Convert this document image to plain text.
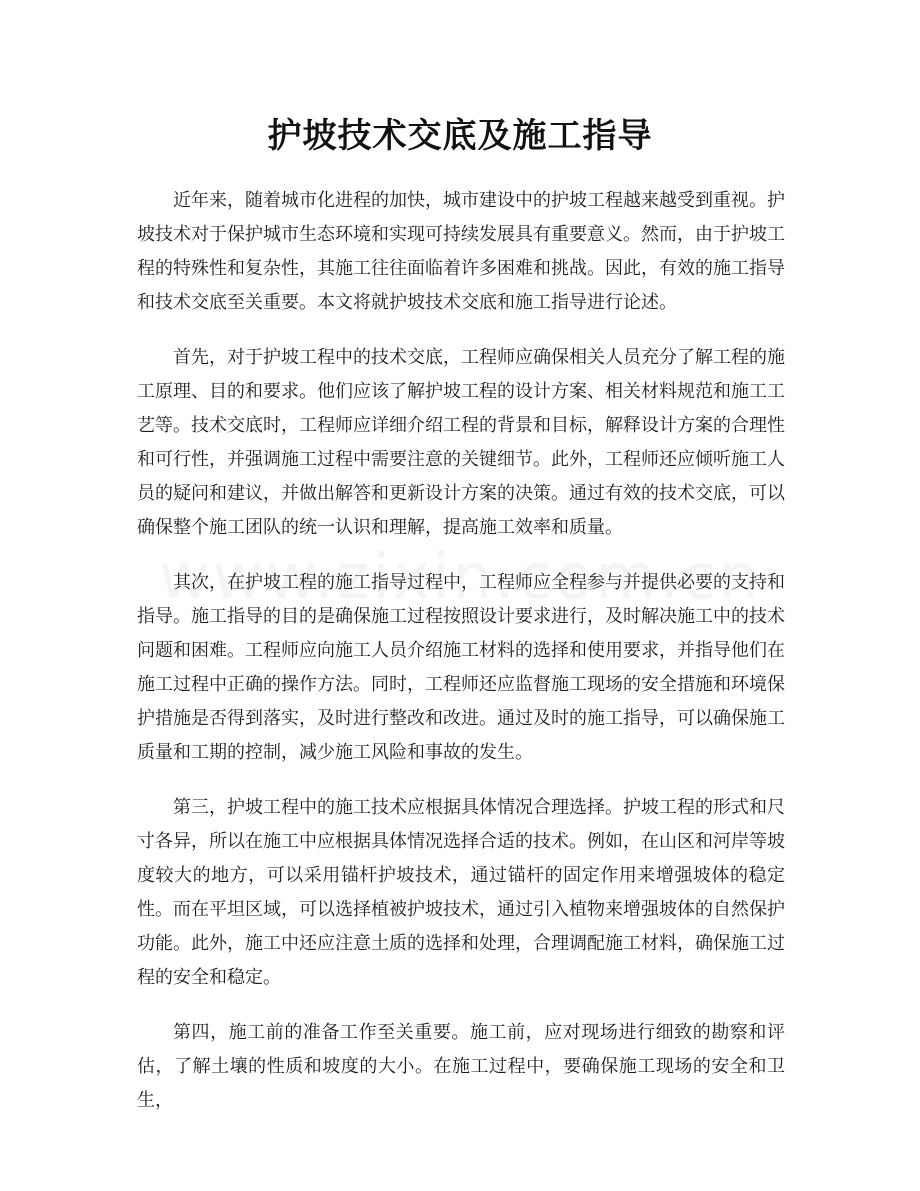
护坡技术交底及施工指导

近年来，随着城市化进程的加快，城市建设中的护坡工程越来越受到重视。护坡技术对于保护城市生态环境和实现可持续发展具有重要意义。然而，由于护坡工程的特殊性和复杂性，其施工往往面临着许多困难和挑战。因此，有效的施工指导和技术交底至关重要。本文将就护坡技术交底和施工指导进行论述。

首先，对于护坡工程中的技术交底，工程师应确保相关人员充分了解工程的施工原理、目的和要求。他们应该了解护坡工程的设计方案、相关材料规范和施工工艺等。技术交底时，工程师应详细介绍工程的背景和目标，解释设计方案的合理性和可行性，并强调施工过程中需要注意的关键细节。此外，工程师还应倾听施工人员的疑问和建议，并做出解答和更新设计方案的决策。通过有效的技术交底，可以确保整个施工团队的统一认识和理解，提高施工效率和质量。

其次，在护坡工程的施工指导过程中，工程师应全程参与并提供必要的支持和指导。施工指导的目的是确保施工过程按照设计要求进行，及时解决施工中的技术问题和困难。工程师应向施工人员介绍施工材料的选择和使用要求，并指导他们在施工过程中正确的操作方法。同时，工程师还应监督施工现场的安全措施和环境保护措施是否得到落实，及时进行整改和改进。通过及时的施工指导，可以确保施工质量和工期的控制，减少施工风险和事故的发生。

第三，护坡工程中的施工技术应根据具体情况合理选择。护坡工程的形式和尺寸各异，所以在施工中应根据具体情况选择合适的技术。例如，在山区和河岸等坡度较大的地方，可以采用锚杆护坡技术，通过锚杆的固定作用来增强坡体的稳定性。而在平坦区域，可以选择植被护坡技术，通过引入植物来增强坡体的自然保护功能。此外，施工中还应注意土质的选择和处理，合理调配施工材料，确保施工过程的安全和稳定。

第四，施工前的准备工作至关重要。施工前，应对现场进行细致的勘察和评估，了解土壤的性质和坡度的大小。在施工过程中，要确保施工现场的安全和卫生，
